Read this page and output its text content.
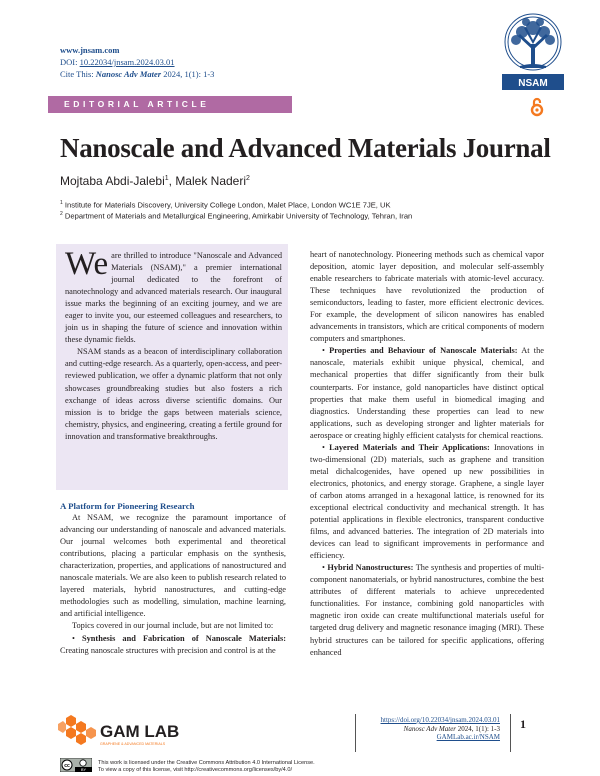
www.jnsam.com
DOI: 10.22034/jnsam.2024.03.01
Cite This: Nanosc Adv Mater 2024, 1(1): 1-3
NSAM
EDITORIAL ARTICLE
Nanoscale and Advanced Materials Journal
Mojtaba Abdi-Jalebi$^1$, Malek Naderi$^2$
$^1$ Institute for Materials Discovery, University College London, Malet Place, London WC1E 7JE, UK
$^2$ Department of Materials and Metallurgical Engineering, Amirkabir University of Technology, Tehran, Iran

We are thrilled to introduce "Nanoscale and Advanced Materials (NSAM)," a premier international journal dedicated to the forefront of nanotechnology and advanced materials research. Our inaugural issue marks the beginning of an exciting journey, and we are eager to invite you, our esteemed colleagues and researchers, to join us in shaping the future of science and innovation within these dynamic fields.

NSAM stands as a beacon of interdisciplinary collaboration and cutting-edge research. As a quarterly, open-access, and peer-reviewed publication, we offer a dynamic platform that not only showcases groundbreaking studies but also fosters a rich exchange of ideas across diverse scientific domains. Our mission is to bridge the gaps between materials science, chemistry, physics, and engineering, creating a fertile ground for innovation and transformative breakthroughs.

A Platform for Pioneering Research

At NSAM, we recognize the paramount importance of advancing our understanding of nanoscale and advanced materials. Our journal welcomes both experimental and theoretical contributions, placing a particular emphasis on the synthesis, characterization, properties, and applications of nanostructured and nanoscale materials. We are also keen to publish research related to layered materials, hybrid nanostructures, and cutting-edge methodologies such as modelling, simulation, machine learning, and artificial intelligence.

Topics covered in our journal include, but are not limited to:

• Synthesis and Fabrication of Nanoscale Materials: Creating nanoscale structures with precision and control is at the

heart of nanotechnology. Pioneering methods such as chemical vapor deposition, atomic layer deposition, and molecular self-assembly enable researchers to fabricate materials with atomic-level accuracy. These techniques have revolutionized the production of semiconductors, leading to faster, more efficient electronic devices. For example, the development of silicon nanowires has enabled advancements in transistors, which are critical components of modern computers and smartphones.

• Properties and Behaviour of Nanoscale Materials: At the nanoscale, materials exhibit unique physical, chemical, and mechanical properties that differ significantly from their bulk counterparts. For instance, gold nanoparticles have distinct optical properties that make them useful in biomedical imaging and diagnostics. Understanding these properties can lead to new applications, such as developing stronger and lighter materials for aerospace or creating highly efficient catalysts for chemical reactions.

• Layered Materials and Their Applications: Innovations in two-dimensional (2D) materials, such as graphene and transition metal dichalcogenides, have opened up new possibilities in electronics, photonics, and energy storage. Graphene, a single layer of carbon atoms arranged in a hexagonal lattice, is renowned for its exceptional electrical conductivity and mechanical strength. It has potential applications in flexible electronics, transparent conductive films, and advanced batteries. The integration of 2D materials into devices can lead to significant improvements in performance and efficiency.

• Hybrid Nanostructures: The synthesis and properties of multi-component nanomaterials, or hybrid nanostructures, combine the best attributes of different materials to achieve unprecedented functionalities. For instance, combining gold nanoparticles with magnetic iron oxide can create multifunctional materials useful for targeted drug delivery and magnetic resonance imaging (MRI). These hybrid structures can be tailored for specific applications, offering enhanced

GAM LAB
GRAPHENE & ADVANCED MATERIALS
https://doi.org/10.22034/jnsam.2024.03.01
Nanosc Adv Mater 2024, 1(1): 1-3
GAMLab.ac.ir/NSAM
1
cc
BY
This work is licensed under the Creative Commons Attribution 4.0 International License.
To view a copy of this license, visit http://creativecommons.org/licenses/by/4.0/
